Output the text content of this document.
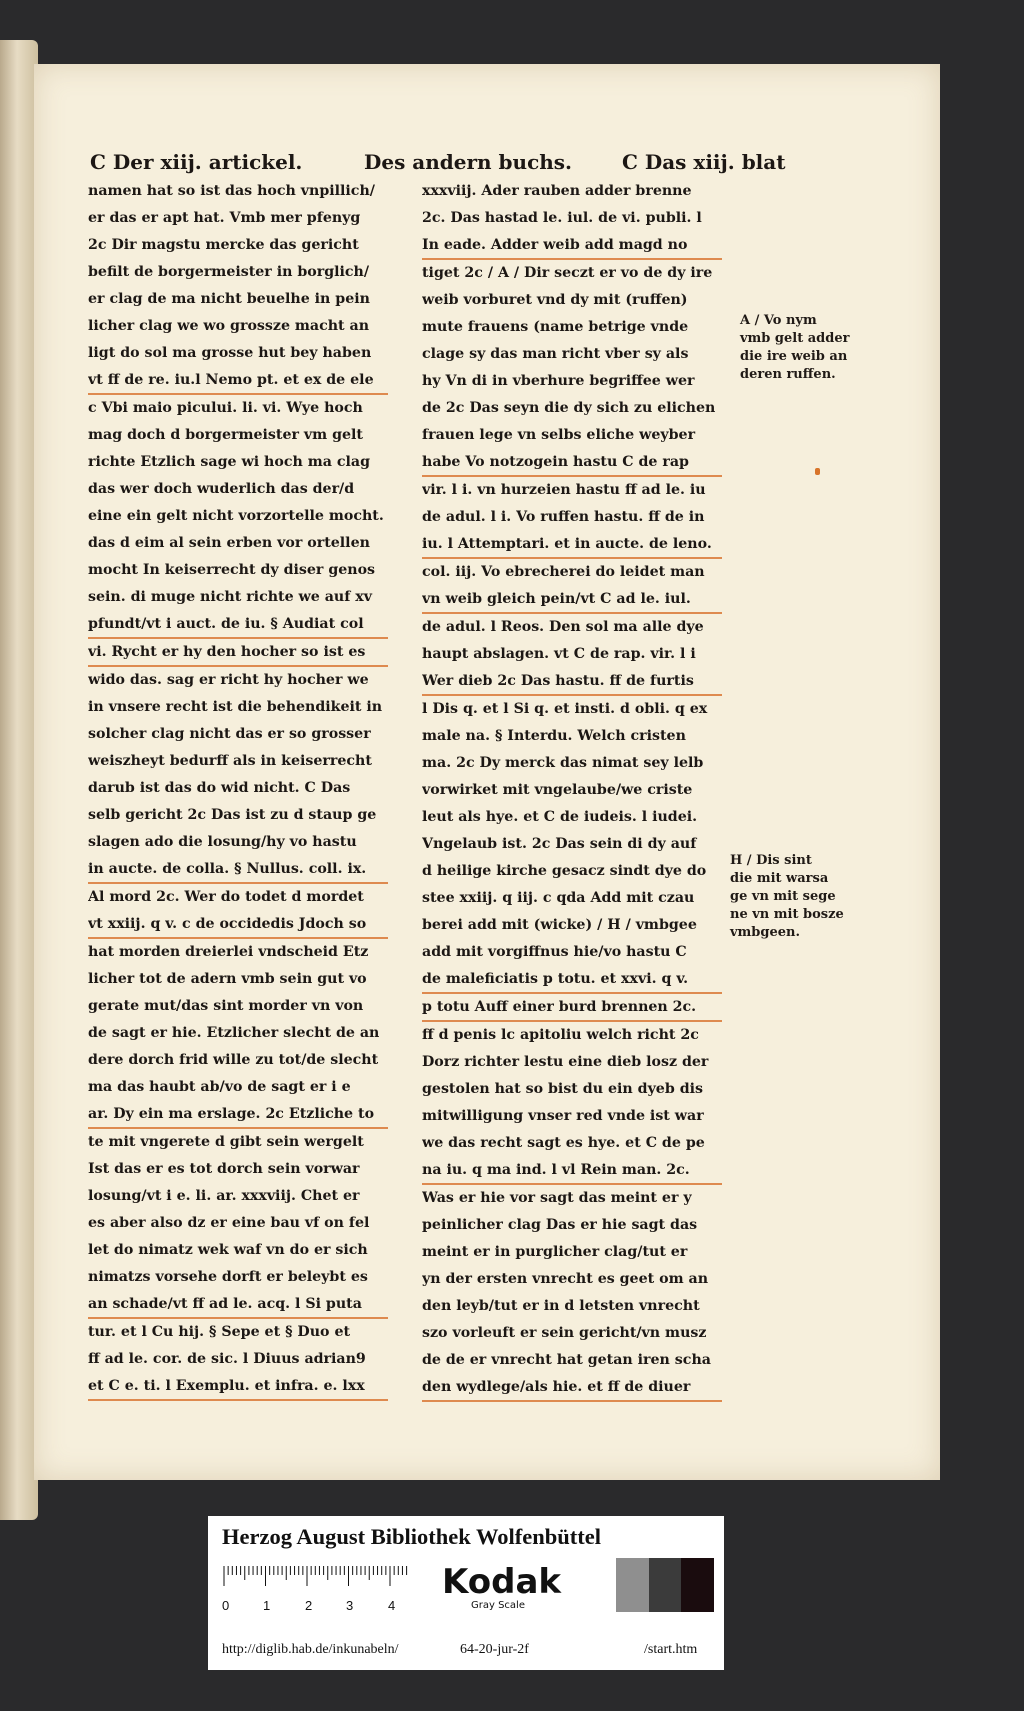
C Der xiij. artickel.	Des andern buchs. C Das xiij. blat
namen hat so ist das hoch vnpillich/
er das er apt hat. Vmb mer pfenyg
2c Dir magstu mercke das gericht
befilt de borgermeister in borglich/
er clag de ma nicht beuelhe in pein
licher clag we wo grossze macht an
ligt do sol ma grosse hut bey haben
vt ff de re. iu.l Nemo pt. et ex de ele
c Vbi maio picului. li. vi. Wye hoch
mag doch d borgermeister vm gelt
richte Etzlich sage wi hoch ma clag
das wer doch wuderlich das der/d
eine ein gelt nicht vorzortelle mocht.
das d eim al sein erben vor ortellen
mocht In keiserrecht dy diser genos
sein. di muge nicht richte we auf xv
pfundt/vt i auct. de iu. § Audiat col
vi. Rycht er hy den hocher so ist es
wido das. sag er richt hy hocher we
in vnsere recht ist die behendikeit in
solcher clag nicht das er so grosser
weiszheyt bedurff als in keiserrecht
darub ist das do wid nicht. C Das
selb gericht 2c Das ist zu d staup ge
slagen ado die losung/hy vo hastu
in aucte. de colla. § Nullus. coll. ix.
Al mord 2c. Wer do todet d mordet
vt xxiij. q v. c de occidedis Jdoch so
hat morden dreierlei vndscheid Etz
licher tot de adern vmb sein gut vo
gerate mut/das sint morder vn von
de sagt er hie. Etzlicher slecht de an
dere dorch frid wille zu tot/de slecht
ma das haubt ab/vo de sagt er i e
ar. Dy ein ma erslage. 2c Etzliche to
te mit vngerete d gibt sein wergelt
Ist das er es tot dorch sein vorwar
losung/vt i e. li. ar. xxxviij. Chet er
es aber also dz er eine bau vf on fel
let do nimatz wek waf vn do er sich
nimatzs vorsehe dorft er beleybt es
an schade/vt ff ad le. acq. l Si puta
tur. et l Cu hij. § Sepe et § Duo et
ff ad le. cor. de sic. l Diuus adrian9
et C e. ti. l Exemplu. et infra. e. lxx
xxxviij. Ader rauben adder brenne
2c. Das hastad le. iul. de vi. publi. l
In eade. Adder weib add magd no
tiget 2c / A / Dir seczt er vo de dy ire
weib vorburet vnd dy mit (ruffen)
mute frauens (name betrige vnde
clage sy das man richt vber sy als
hy Vn di in vberhure begriffee wer
de 2c Das seyn die dy sich zu elichen
frauen lege vn selbs eliche weyber
habe Vo notzogein hastu C de rap
vir. l i. vn hurzeien hastu ff ad le. iu
de adul. l i. Vo ruffen hastu. ff de in
iu. l Attemptari. et in aucte. de leno.
col. iij. Vo ebrecherei do leidet man
vn weib gleich pein/vt C ad le. iul.
de adul. l Reos. Den sol ma alle dye
haupt abslagen. vt C de rap. vir. l i
Wer dieb 2c Das hastu. ff de furtis
l Dis q. et l Si q. et insti. d obli. q ex
male na. § Interdu. Welch cristen
ma. 2c Dy merck das nimat sey lelb
vorwirket mit vngelaube/we criste
leut als hye. et C de iudeis. l iudei.
Vngelaub ist. 2c Das sein di dy auf
d heilige kirche gesacz sindt dye do
stee xxiij. q iij. c qda Add mit czau
berei add mit (wicke) / H / vmbgee
add mit vorgiffnus hie/vo hastu C
de maleficiatis p totu. et xxvi. q v.
p totu Auff einer burd brennen 2c.
ff d penis lc apitoliu welch richt 2c
Dorz richter lestu eine dieb losz der
gestolen hat so bist du ein dyeb dis
mitwilligung vnser red vnde ist war
we das recht sagt es hye. et C de pe
na iu. q ma ind. l vl Rein man. 2c.
Was er hie vor sagt das meint er y
peinlicher clag Das er hie sagt das
meint er in purglicher clag/tut er
yn der ersten vnrecht es geet om an
den leyb/tut er in d letsten vnrecht
szo vorleuft er sein gericht/vn musz
de de er vnrecht hat getan iren scha
den wydlege/als hie. et ff de diuer
A / Vo nym
vmb gelt adder
die ire weib an
deren ruffen.
H / Dis sint
die mit warsa
ge vn mit sege
ne vn mit bosze
vmbgeen.
Herzog August Bibliothek Wolfenbüttel
0	1	2	3	4
Kodak
Gray Scale
http://diglib.hab.de/inkunabeln/	64-20-jur-2f	/start.htm
